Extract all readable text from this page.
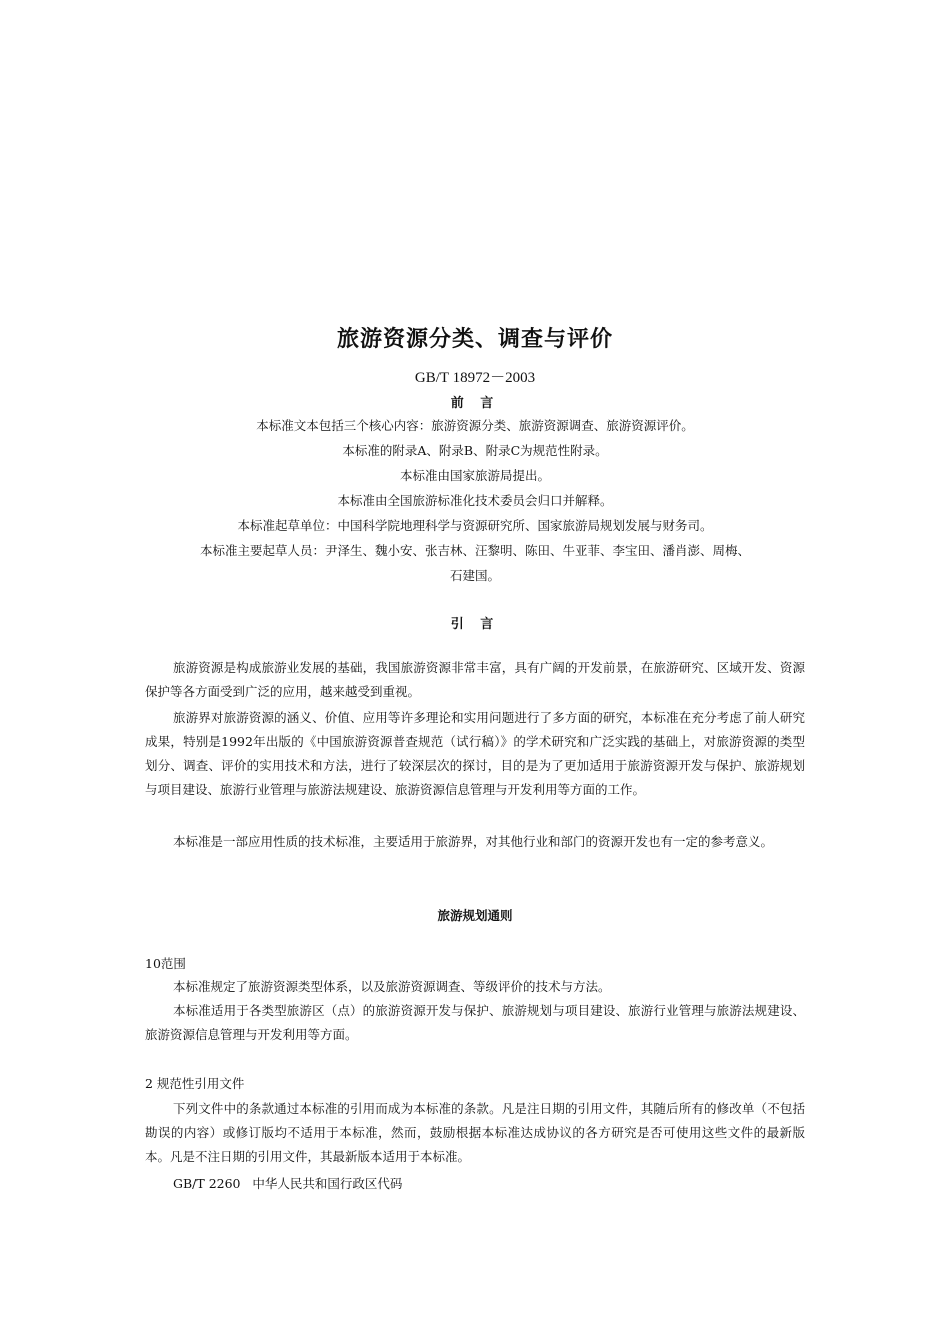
旅游资源分类、调查与评价
GB/T 18972－2003
前 言
本标准文本包括三个核心内容：旅游资源分类、旅游资源调查、旅游资源评价。
本标准的附录A、附录B、附录C为规范性附录。
本标准由国家旅游局提出。
本标准由全国旅游标准化技术委员会归口并解释。
本标准起草单位：中国科学院地理科学与资源研究所、国家旅游局规划发展与财务司。
本标准主要起草人员：尹泽生、魏小安、张吉林、汪黎明、陈田、牛亚菲、李宝田、潘肖澎、周梅、
石建国。
引 言

旅游资源是构成旅游业发展的基础，我国旅游资源非常丰富，具有广阔的开发前景，在旅游研究、区域开发、资源保护等各方面受到广泛的应用，越来越受到重视。

旅游界对旅游资源的涵义、价值、应用等许多理论和实用问题进行了多方面的研究，本标准在充分考虑了前人研究成果，特别是1992年出版的《中国旅游资源普查规范（试行稿）》的学术研究和广泛实践的基础上，对旅游资源的类型划分、调查、评价的实用技术和方法，进行了较深层次的探讨，目的是为了更加适用于旅游资源开发与保护、旅游规划与项目建设、旅游行业管理与旅游法规建设、旅游资源信息管理与开发利用等方面的工作。

本标准是一部应用性质的技术标准，主要适用于旅游界，对其他行业和部门的资源开发也有一定的参考意义。

旅游规划通则
10范围

本标准规定了旅游资源类型体系，以及旅游资源调查、等级评价的技术与方法。

本标准适用于各类型旅游区（点）的旅游资源开发与保护、旅游规划与项目建设、旅游行业管理与旅游法规建设、旅游资源信息管理与开发利用等方面。

2 规范性引用文件

下列文件中的条款通过本标准的引用而成为本标准的条款。凡是注日期的引用文件，其随后所有的修改单（不包括勘误的内容）或修订版均不适用于本标准，然而，鼓励根据本标准达成协议的各方研究是否可使用这些文件的最新版本。凡是不注日期的引用文件，其最新版本适用于本标准。

GB/T 2260   中华人民共和国行政区代码
